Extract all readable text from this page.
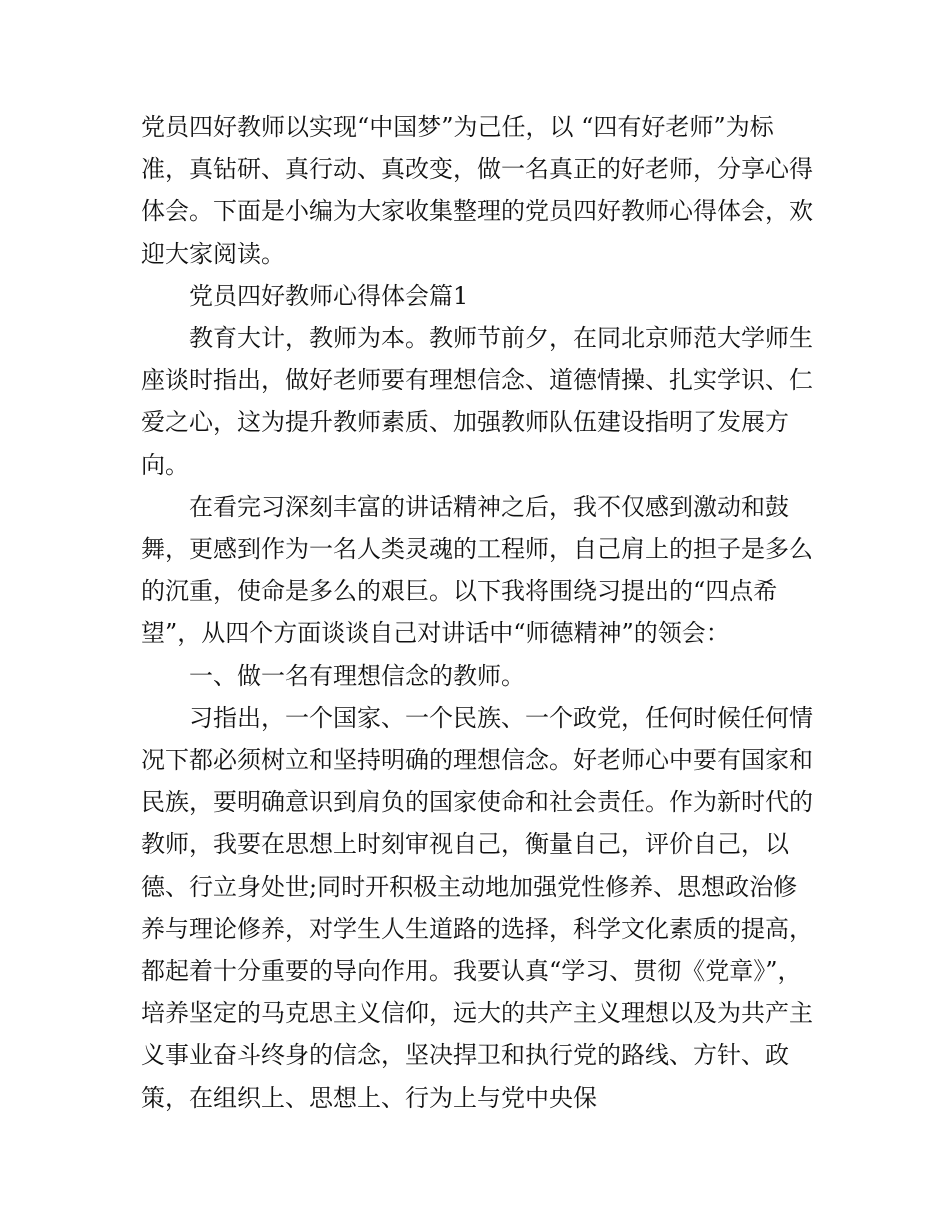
党员四好教师以实现“中国梦”为己任，以 “四有好老师”为标准，真钻研、真行动、真改变，做一名真正的好老师，分享心得体会。下面是小编为大家收集整理的党员四好教师心得体会，欢迎大家阅读。

党员四好教师心得体会篇1

教育大计，教师为本。教师节前夕，在同北京师范大学师生座谈时指出，做好老师要有理想信念、道德情操、扎实学识、仁爱之心，这为提升教师素质、加强教师队伍建设指明了发展方向。

在看完习深刻丰富的讲话精神之后，我不仅感到激动和鼓舞，更感到作为一名人类灵魂的工程师，自己肩上的担子是多么的沉重，使命是多么的艰巨。以下我将围绕习提出的“四点希望”，从四个方面谈谈自己对讲话中“师德精神”的领会：

一、做一名有理想信念的教师。

习指出，一个国家、一个民族、一个政党，任何时候任何情况下都必须树立和坚持明确的理想信念。好老师心中要有国家和民族，要明确意识到肩负的国家使命和社会责任。作为新时代的教师，我要在思想上时刻审视自己，衡量自己，评价自己，以德、行立身处世;同时开积极主动地加强党性修养、思想政治修养与理论修养，对学生人生道路的选择，科学文化素质的提高，都起着十分重要的导向作用。我要认真“学习、贯彻《党章》”，培养坚定的马克思主义信仰，远大的共产主义理想以及为共产主义事业奋斗终身的信念，坚决捍卫和执行党的路线、方针、政策，在组织上、思想上、行为上与党中央保
